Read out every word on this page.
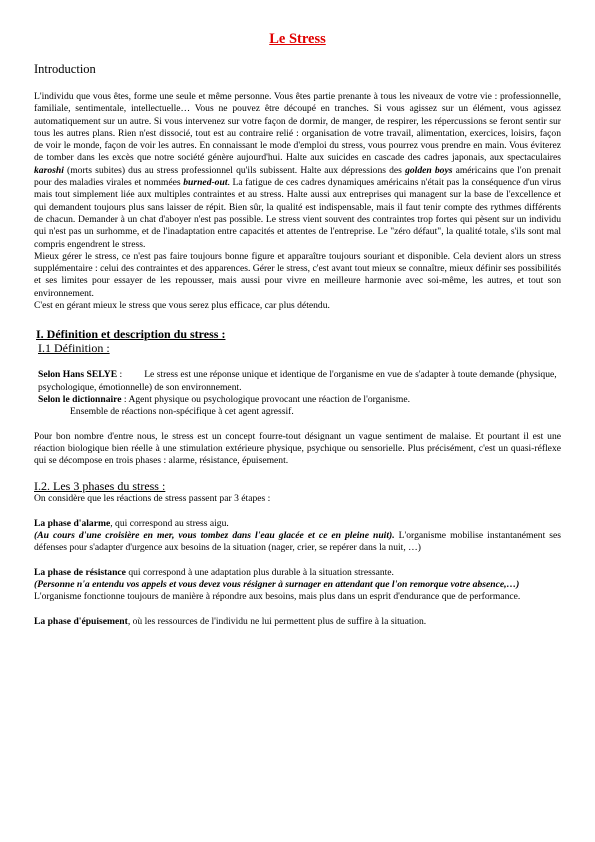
Le Stress
Introduction

L'individu que vous êtes, forme une seule et même personne. Vous êtes partie prenante à tous les niveaux de votre vie : professionnelle, familiale, sentimentale, intellectuelle… Vous ne pouvez être découpé en tranches. Si vous agissez sur un élément, vous agissez automatiquement sur un autre. Si vous intervenez sur votre façon de dormir, de manger, de respirer, les répercussions se feront sentir sur tous les autres plans. Rien n'est dissocié, tout est au contraire relié : organisation de votre travail, alimentation, exercices, loisirs, façon de voir le monde, façon de voir les autres. En connaissant le mode d'emploi du stress, vous pourrez vous prendre en main. Vous éviterez de tomber dans les excès que notre société génère aujourd'hui. Halte aux suicides en cascade des cadres japonais, aux spectaculaires karoshi (morts subites) dus au stress professionnel qu'ils subissent. Halte aux dépressions des golden boys américains que l'on prenait pour des maladies virales et nommées burned-out. La fatigue de ces cadres dynamiques américains n'était pas la conséquence d'un virus mais tout simplement liée aux multiples contraintes et au stress. Halte aussi aux entreprises qui managent sur la base de l'excellence et qui demandent toujours plus sans laisser de répit. Bien sûr, la qualité est indispensable, mais il faut tenir compte des rythmes différents de chacun. Demander à un chat d'aboyer n'est pas possible. Le stress vient souvent des contraintes trop fortes qui pèsent sur un individu qui n'est pas un surhomme, et de l'inadaptation entre capacités et attentes de l'entreprise. Le "zéro défaut", la qualité totale, s'ils sont mal compris engendrent le stress.

Mieux gérer le stress, ce n'est pas faire toujours bonne figure et apparaître toujours souriant et disponible. Cela devient alors un stress supplémentaire : celui des contraintes et des apparences. Gérer le stress, c'est avant tout mieux se connaître, mieux définir ses possibilités et ses limites pour essayer de les repousser, mais aussi pour vivre en meilleure harmonie avec soi-même, les autres, et tout son environnement.

C'est en gérant mieux le stress que vous serez plus efficace, car plus détendu.

I. Définition et description du stress :
I.1 Définition :

Selon Hans SELYE : Le stress est une réponse unique et identique de l'organisme en vue de s'adapter à toute demande (physique, psychologique, émotionnelle) de son environnement.

Selon le dictionnaire : Agent physique ou psychologique provocant une réaction de l'organisme.

Ensemble de réactions non-spécifique à cet agent agressif.

Pour bon nombre d'entre nous, le stress est un concept fourre-tout désignant un vague sentiment de malaise. Et pourtant il est une réaction biologique bien réelle à une stimulation extérieure physique, psychique ou sensorielle. Plus précisément, c'est un quasi-réflexe qui se décompose en trois phases : alarme, résistance, épuisement.

I.2. Les 3 phases du stress :

On considère que les réactions de stress passent par 3 étapes :

La phase d'alarme, qui correspond au stress aigu.
(Au cours d'une croisière en mer, vous tombez dans l'eau glacée et ce en pleine nuit). L'organisme mobilise instantanément ses défenses pour s'adapter d'urgence aux besoins de la situation (nager, crier, se repérer dans la nuit, …)

La phase de résistance qui correspond à une adaptation plus durable à la situation stressante.
(Personne n'a entendu vos appels et vous devez vous résigner à surnager en attendant que l'on remorque votre absence,…)
L'organisme fonctionne toujours de manière à répondre aux besoins, mais plus dans un esprit d'endurance que de performance.

La phase d'épuisement, où les ressources de l'individu ne lui permettent plus de suffire à la situation.
